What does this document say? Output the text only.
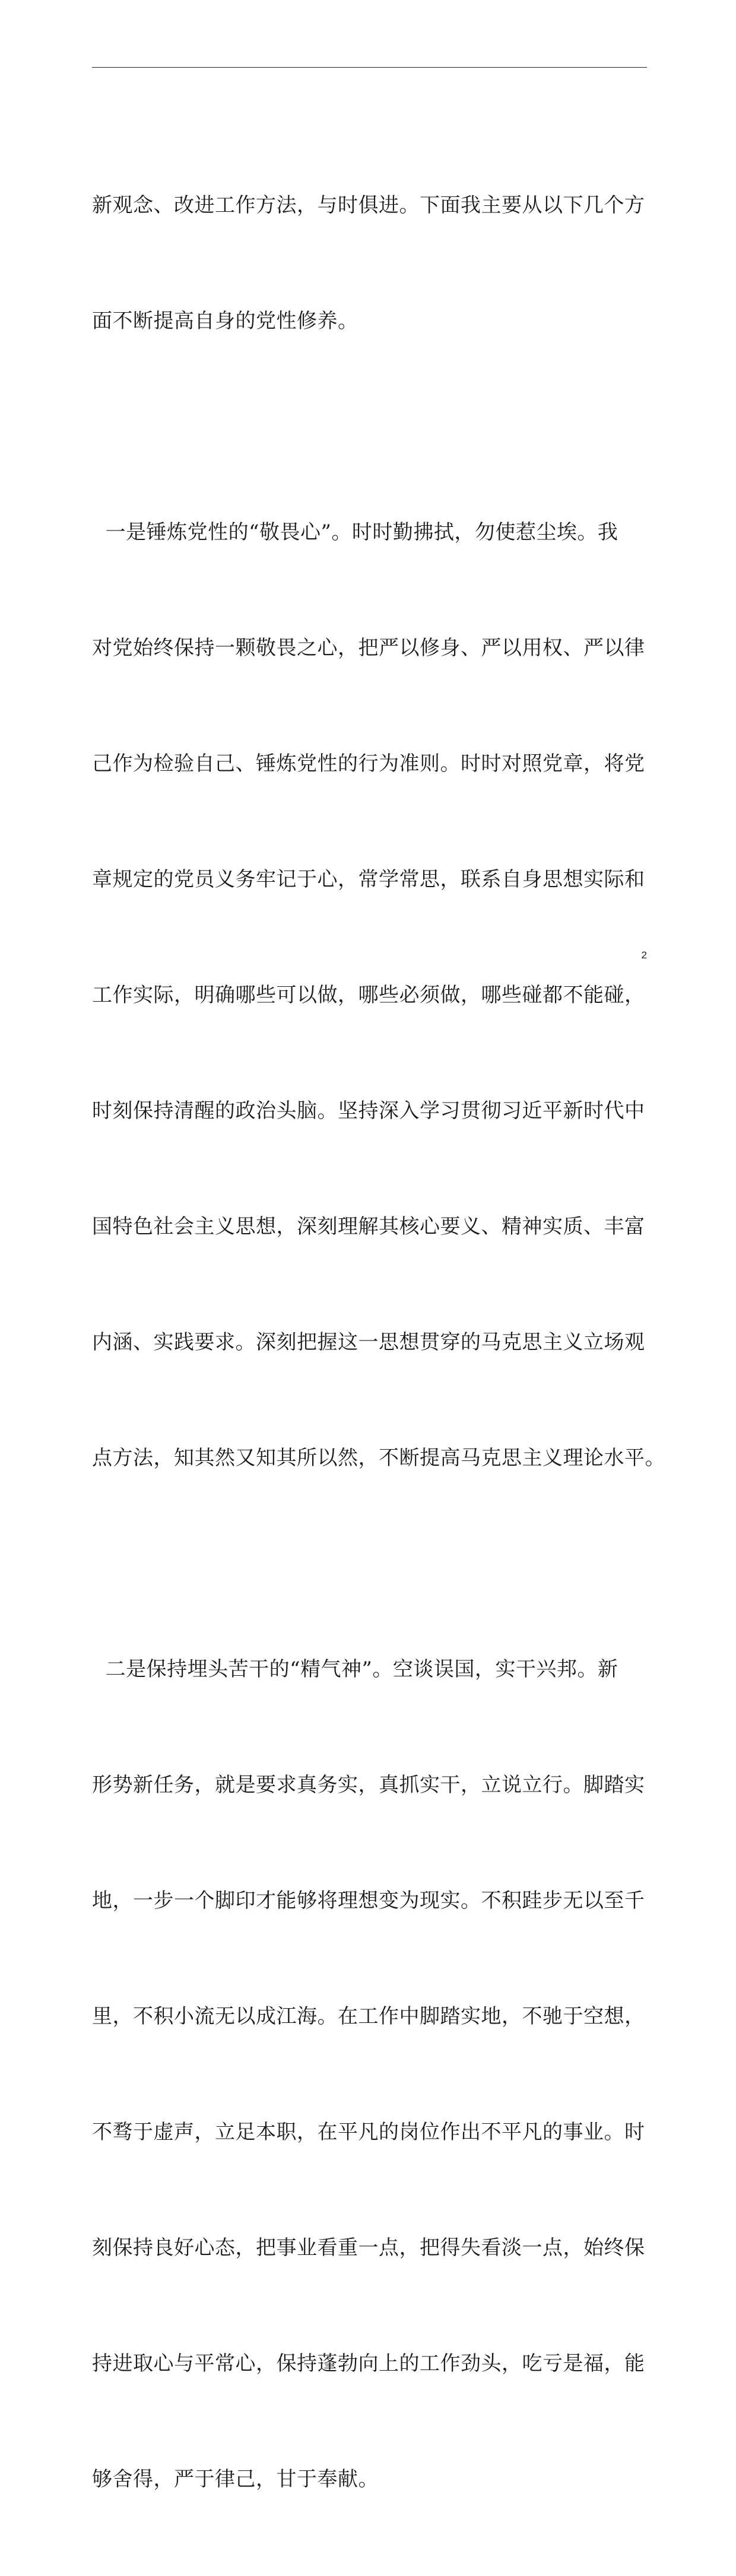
新观念、改进工作方法，与时俱进。下面我主要从以下几个方

面不断提高自身的党性修养。

一是锤炼党性的“敬畏心”。时时勤拂拭，勿使惹尘埃。我

对党始终保持一颗敬畏之心，把严以修身、严以用权、严以律

己作为检验自己、锤炼党性的行为准则。时时对照党章，将党

章规定的党员义务牢记于心，常学常思，联系自身思想实际和

工作实际，明确哪些可以做，哪些必须做，哪些碰都不能碰，

时刻保持清醒的政治头脑。坚持深入学习贯彻习近平新时代中

国特色社会主义思想，深刻理解其核心要义、精神实质、丰富

内涵、实践要求。深刻把握这一思想贯穿的马克思主义立场观

点方法，知其然又知其所以然，不断提高马克思主义理论水平。

二是保持埋头苦干的“精气神”。空谈误国，实干兴邦。新

形势新任务，就是要求真务实，真抓实干，立说立行。脚踏实

地，一步一个脚印才能够将理想变为现实。不积跬步无以至千

里，不积小流无以成江海。在工作中脚踏实地，不驰于空想，

不骛于虚声，立足本职，在平凡的岗位作出不平凡的事业。时

刻保持良好心态，把事业看重一点，把得失看淡一点，始终保

持进取心与平常心，保持蓬勃向上的工作劲头，吃亏是福，能

够舍得，严于律己，甘于奉献。

2
